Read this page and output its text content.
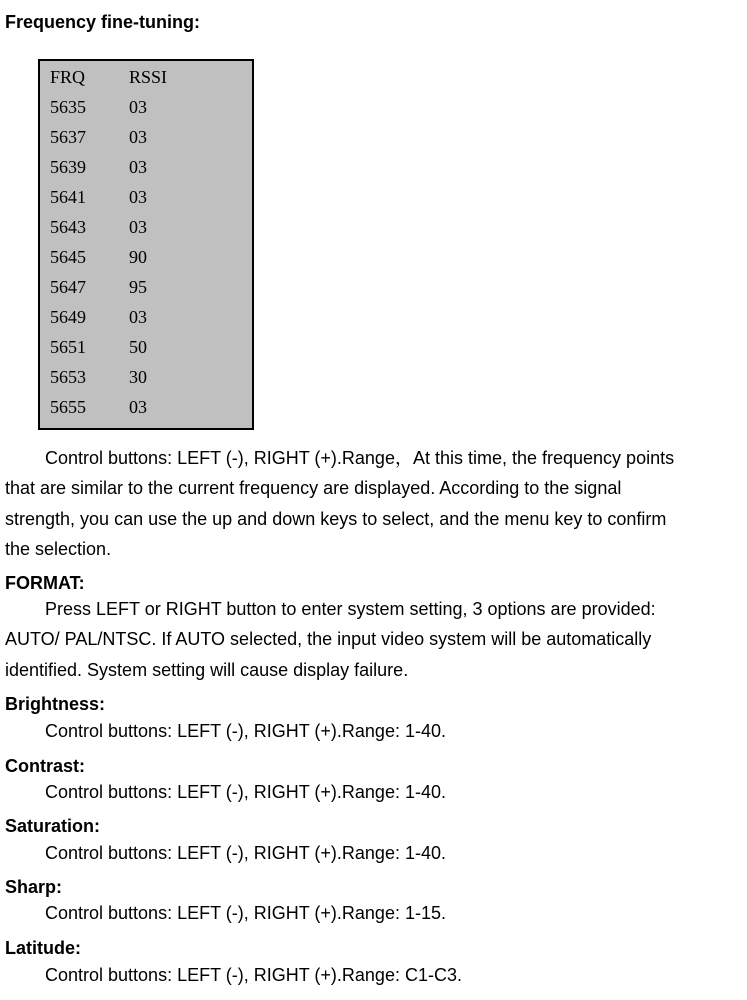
Frequency fine-tuning:
FRQ RSSI
5635 03
5637 03
5639 03
5641 03
5643 03
5645 90
5647 95
5649 03
5651 50
5653 30
5655 03
Control buttons: LEFT (-), RIGHT (+).Range，At this time, the frequency points
that are similar to the current frequency are displayed. According to the signal
strength, you can use the up and down keys to select, and the menu key to confirm
the selection.
FORMAT:
Press LEFT or RIGHT button to enter system setting, 3 options are provided:
AUTO/ PAL/NTSC. If AUTO selected, the input video system will be automatically
identified. System setting will cause display failure.
Brightness:
Control buttons: LEFT (-), RIGHT (+).Range: 1-40.
Contrast:
Control buttons: LEFT (-), RIGHT (+).Range: 1-40.
Saturation:
Control buttons: LEFT (-), RIGHT (+).Range: 1-40.
Sharp:
Control buttons: LEFT (-), RIGHT (+).Range: 1-15.
Latitude:
Control buttons: LEFT (-), RIGHT (+).Range: C1-C3.
